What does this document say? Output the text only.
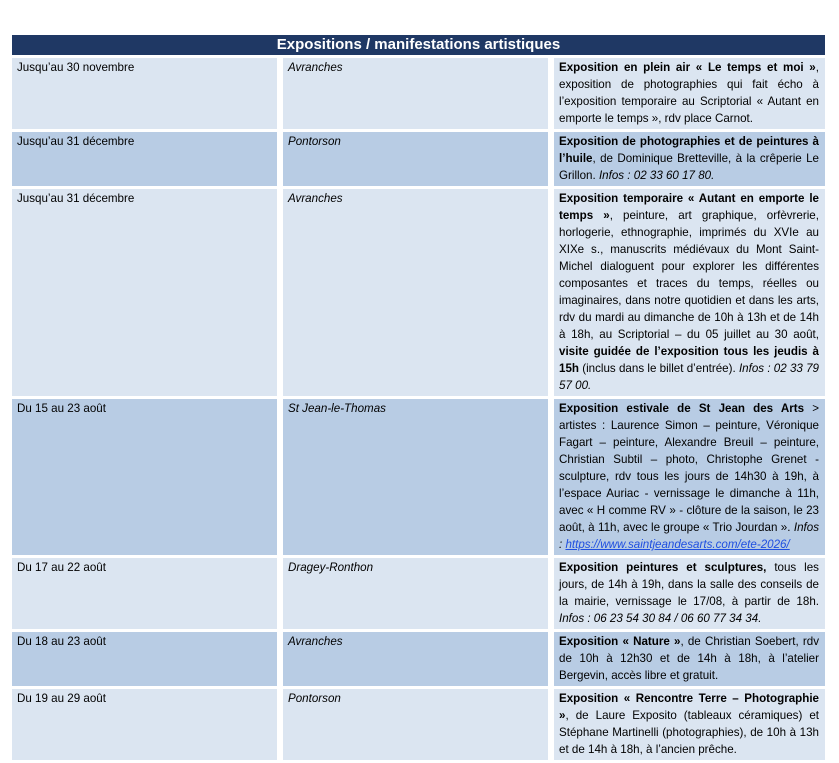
Expositions / manifestations artistiques		
Jusqu’au 30 novembre	Avranches	Exposition en plein air « Le temps et moi », exposition de photographies qui fait écho à l’exposition temporaire au Scriptorial « Autant en emporte le temps », rdv place Carnot.
Jusqu’au 31 décembre	Pontorson	Exposition de photographies et de peintures à l’huile, de Dominique Bretteville, à la crêperie Le Grillon. Infos : 02 33 60 17 80.
Jusqu’au 31 décembre	Avranches	Exposition temporaire « Autant en emporte le temps », peinture, art graphique, orfèvrerie, horlogerie, ethnographie, imprimés du XVIe au XIXe s., manuscrits médiévaux du Mont Saint-Michel dialoguent pour explorer les différentes composantes et traces du temps, réelles ou imaginaires, dans notre quotidien et dans les arts, rdv du mardi au dimanche de 10h à 13h et de 14h à 18h, au Scriptorial – du 05 juillet au 30 août, visite guidée de l’exposition tous les jeudis à 15h (inclus dans le billet d’entrée). Infos : 02 33 79 57 00.
Du 15 au 23 août	St Jean-le-Thomas	Exposition estivale de St Jean des Arts > artistes : Laurence Simon – peinture, Véronique Fagart – peinture, Alexandre Breuil – peinture, Christian Subtil – photo, Christophe Grenet - sculpture, rdv tous les jours de 14h30 à 19h, à l’espace Auriac - vernissage le dimanche à 11h, avec « H comme RV » - clôture de la saison, le 23 août, à 11h, avec le groupe « Trio Jourdan ». Infos : https://www.saintjeandesarts.com/ete-2026/
Du 17 au 22 août	Dragey-Ronthon	Exposition peintures et sculptures, tous les jours, de 14h à 19h, dans la salle des conseils de la mairie, vernissage le 17/08, à partir de 18h. Infos : 06 23 54 30 84 / 06 60 77 34 34.
Du 18 au 23 août	Avranches	Exposition « Nature », de Christian Soebert, rdv de 10h à 12h30 et de 14h à 18h, à l’atelier Bergevin, accès libre et gratuit.
Du 19 au 29 août	Pontorson	Exposition « Rencontre Terre – Photographie », de Laure Exposito (tableaux céramiques) et Stéphane Martinelli (photographies), de 10h à 13h et de 14h à 18h, à l’ancien prêche.
